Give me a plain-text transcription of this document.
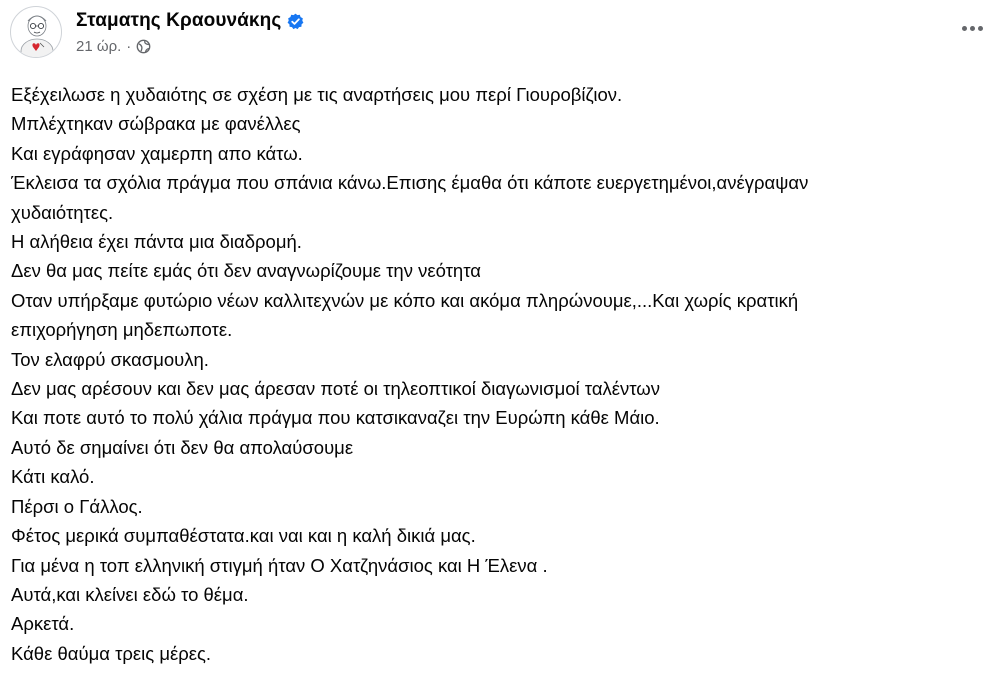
Σταματης Κραουνάκης
21 ώρ. ·
Εξέχειλωσε η χυδαιότης σε σχέση με τις αναρτήσεις μου περί Γιουροβίζιον.
Μπλέχτηκαν σώβρακα με φανέλλες
Και εγράφησαν χαμερπη απο κάτω.
Έκλεισα τα σχόλια πράγμα που σπάνια κάνω.Επισης έμαθα ότι κάποτε ευεργετημένοι,ανέγραψαν
χυδαιότητες.
Η αλήθεια έχει πάντα μια διαδρομή.
Δεν θα μας πείτε εμάς ότι δεν αναγνωρίζουμε την νεότητα
Οταν υπήρξαμε φυτώριο νέων καλλιτεχνών με κόπο και ακόμα πληρώνουμε,...Και χωρίς κρατική
επιχορήγηση μηδεπωποτε.
Τον ελαφρύ σκασμουλη.
Δεν μας αρέσουν και δεν μας άρεσαν ποτέ οι τηλεοπτικοί διαγωνισμοί ταλέντων
Και ποτε αυτό το πολύ χάλια πράγμα που κατσικαναζει την Ευρώπη κάθε Μάιο.
Αυτό δε σημαίνει ότι δεν θα απολαύσουμε
Κάτι καλό.
Πέρσι ο Γάλλος.
Φέτος μερικά συμπαθέστατα.και ναι και η καλή δικιά μας.
Για μένα η τοπ ελληνική στιγμή ήταν Ο Χατζηνάσιος και Η Έλενα .
Αυτά,και κλείνει εδώ το θέμα.
Αρκετά.
Κάθε θαύμα τρεις μέρες.
